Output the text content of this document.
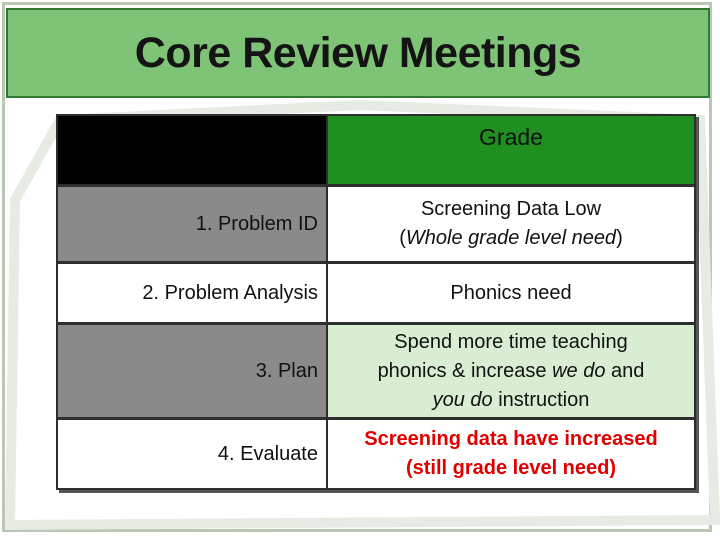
Core Review Meetings
Grade
1. Problem ID
Screening Data Low
(Whole grade level need)
2. Problem Analysis	Phonics need
3. Plan
Spend more time teaching
phonics & increase we do and
you do instruction
4. Evaluate
Screening data have increased
(still grade level need)
